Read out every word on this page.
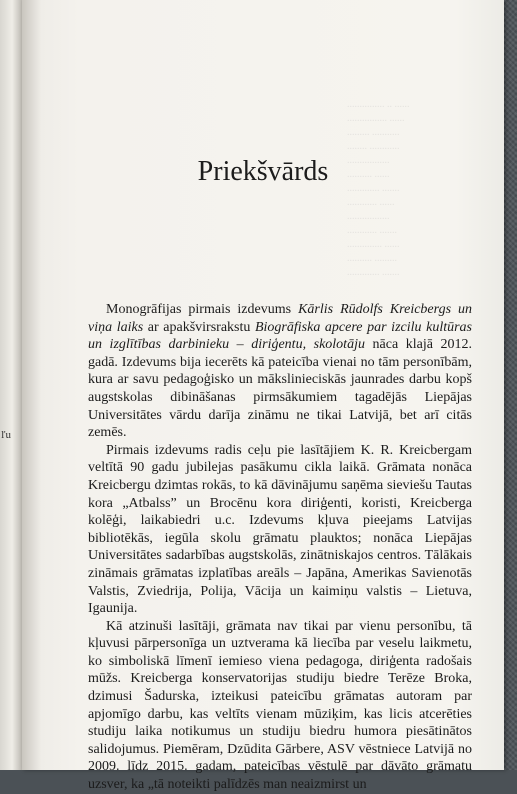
ľu
............... .. ......
................ ......
......... ...........
........ ............
.................
.......... ......
............. .......
............ ......
.................
............ .......
.............. ......
.......... .........
............. .......
Priekšvārds

Monogrāfijas pirmais izdevums Kārlis Rūdolfs Kreicbergs un viņa laiks ar apakšvirsrakstu Biogrāfiska apcere par izcilu kultūras un izglītības darbinieku – diriģentu, skolotāju nāca klajā 2012. gadā. Izdevums bija iecerēts kā pateicība vienai no tām personībām, kura ar savu pedagoģisko un mākslinieciskās jaunrades darbu kopš augstskolas dibināšanas pirmsākumiem tagadējās Liepājas Universitātes vārdu darīja zināmu ne tikai Latvijā, bet arī citās zemēs.

Pirmais izdevums radis ceļu pie lasītājiem K. R. Kreicbergam veltītā 90 gadu jubilejas pasākumu cikla laikā. Grāmata nonāca Kreicbergu dzimtas rokās, to kā dāvinājumu saņēma sieviešu Tautas kora „Atbalss” un Brocēnu kora diriģenti, koristi, Kreicberga kolēģi, laikabiedri u.c. Izdevums kļuva pieejams Latvijas bibliotēkās, iegūla skolu grāmatu plauktos; nonāca Liepājas Universitātes sadarbības augstskolās, zinātniskajos centros. Tālākais zināmais grāmatas izplatības areāls – Japāna, Amerikas Savienotās Valstis, Zviedrija, Polija, Vācija un kaimiņu valstis – Lietuva, Igaunija.

Kā atzinuši lasītāji, grāmata nav tikai par vienu personību, tā kļuvusi pārpersonīga un uztverama kā liecība par veselu laikmetu, ko simboliskā līmenī iemieso viena pedagoga, diriģenta radošais mūžs. Kreicberga konservatorijas studiju biedre Terēze Broka, dzimusi Šadurska, izteikusi pateicību grāmatas autoram par apjomīgo darbu, kas veltīts vienam mūziķim, kas licis atcerēties studiju laika notikumus un studiju biedru humora piesātinātos salidojumus. Piemēram, Dzūdita Gārbere, ASV vēstniece Latvijā no 2009. līdz 2015. gadam, pateicības vēstulē par dāvāto grāmatu uzsver, ka „tā noteikti palīdzēs man neaizmirst un
